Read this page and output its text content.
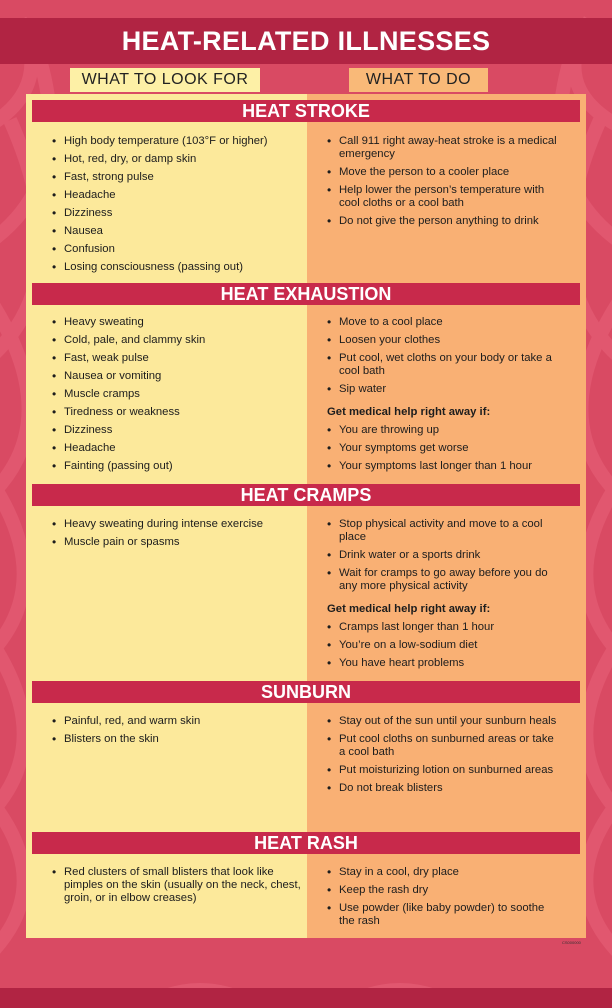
HEAT-RELATED ILLNESSES
WHAT TO LOOK FOR	WHAT TO DO
HEAT STROKE
• High body temperature (103°F or higher)
• Hot, red, dry, or damp skin
• Fast, strong pulse
• Headache
• Dizziness
• Nausea
• Confusion
• Losing consciousness (passing out)
• Call 911 right away-heat stroke is a medical emergency
• Move the person to a cooler place
• Help lower the person’s temperature with cool cloths or a cool bath
• Do not give the person anything to drink
HEAT EXHAUSTION
• Heavy sweating
• Cold, pale, and clammy skin
• Fast, weak pulse
• Nausea or vomiting
• Muscle cramps
• Tiredness or weakness
• Dizziness
• Headache
• Fainting (passing out)
• Move to a cool place
• Loosen your clothes
• Put cool, wet cloths on your body or take a cool bath
• Sip water
Get medical help right away if:
• You are throwing up
• Your symptoms get worse
• Your symptoms last longer than 1 hour
HEAT CRAMPS
• Heavy sweating during intense exercise
• Muscle pain or spasms
• Stop physical activity and move to a cool place
• Drink water or a sports drink
• Wait for cramps to go away before you do any more physical activity
Get medical help right away if:
• Cramps last longer than 1 hour
• You’re on a low-sodium diet
• You have heart problems
SUNBURN
• Painful, red, and warm skin
• Blisters on the skin
• Stay out of the sun until your sunburn heals
• Put cool cloths on sunburned areas or take a cool bath
• Put moisturizing lotion on sunburned areas
• Do not break blisters
HEAT RASH
• Red clusters of small blisters that look like pimples on the skin (usually on the neck, chest, groin, or in elbow creases)
• Stay in a cool, dry place
• Keep the rash dry
• Use powder (like baby powder) to soothe the rash
CS000000
